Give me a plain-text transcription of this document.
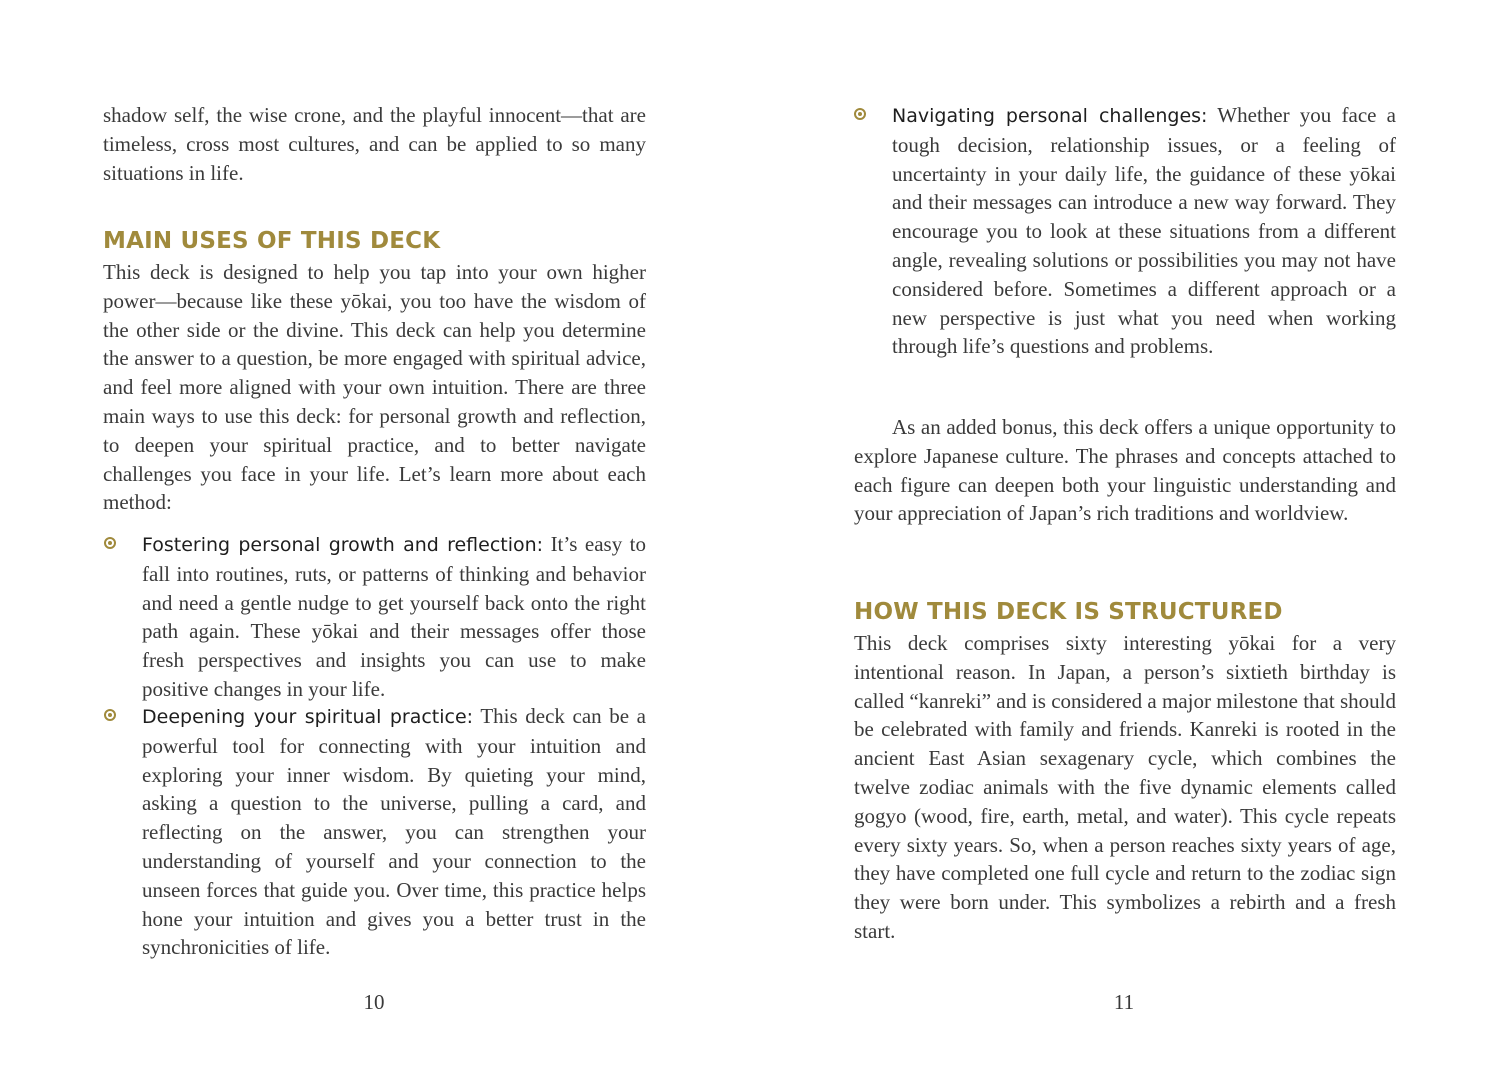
shadow self, the wise crone, and the playful innocent—that are timeless, cross most cultures, and can be applied to so many situations in life.

MAIN USES OF THIS DECK

This deck is designed to help you tap into your own higher power—because like these yōkai, you too have the wisdom of the other side or the divine. This deck can help you determine the answer to a question, be more engaged with spiritual advice, and feel more aligned with your own intuition. There are three main ways to use this deck: for personal growth and reflection, to deepen your spiritual practice, and to better navigate challenges you face in your life. Let’s learn more about each method:

Fostering personal growth and reflection: It’s easy to fall into routines, ruts, or patterns of thinking and behavior and need a gentle nudge to get yourself back onto the right path again. These yōkai and their messages offer those fresh perspectives and insights you can use to make positive changes in your life.

Deepening your spiritual practice: This deck can be a powerful tool for connecting with your intuition and exploring your inner wisdom. By quieting your mind, asking a question to the universe, pulling a card, and reflecting on the answer, you can strengthen your understanding of yourself and your connection to the unseen forces that guide you. Over time, this practice helps hone your intuition and gives you a better trust in the synchronicities of life.

10

Navigating personal challenges: Whether you face a tough decision, relationship issues, or a feeling of uncertainty in your daily life, the guidance of these yōkai and their messages can introduce a new way forward. They encourage you to look at these situations from a different angle, revealing solutions or possibilities you may not have considered before. Sometimes a different approach or a new perspective is just what you need when working through life’s questions and problems.

As an added bonus, this deck offers a unique opportunity to explore Japanese culture. The phrases and concepts attached to each figure can deepen both your linguistic understanding and your appreciation of Japan’s rich traditions and worldview.

HOW THIS DECK IS STRUCTURED

This deck comprises sixty interesting yōkai for a very intentional reason. In Japan, a person’s sixtieth birthday is called “kanreki” and is considered a major milestone that should be celebrated with family and friends. Kanreki is rooted in the ancient East Asian sexagenary cycle, which combines the twelve zodiac animals with the five dynamic elements called gogyo (wood, fire, earth, metal, and water). This cycle repeats every sixty years. So, when a person reaches sixty years of age, they have completed one full cycle and return to the zodiac sign they were born under. This symbolizes a rebirth and a fresh start.

11
